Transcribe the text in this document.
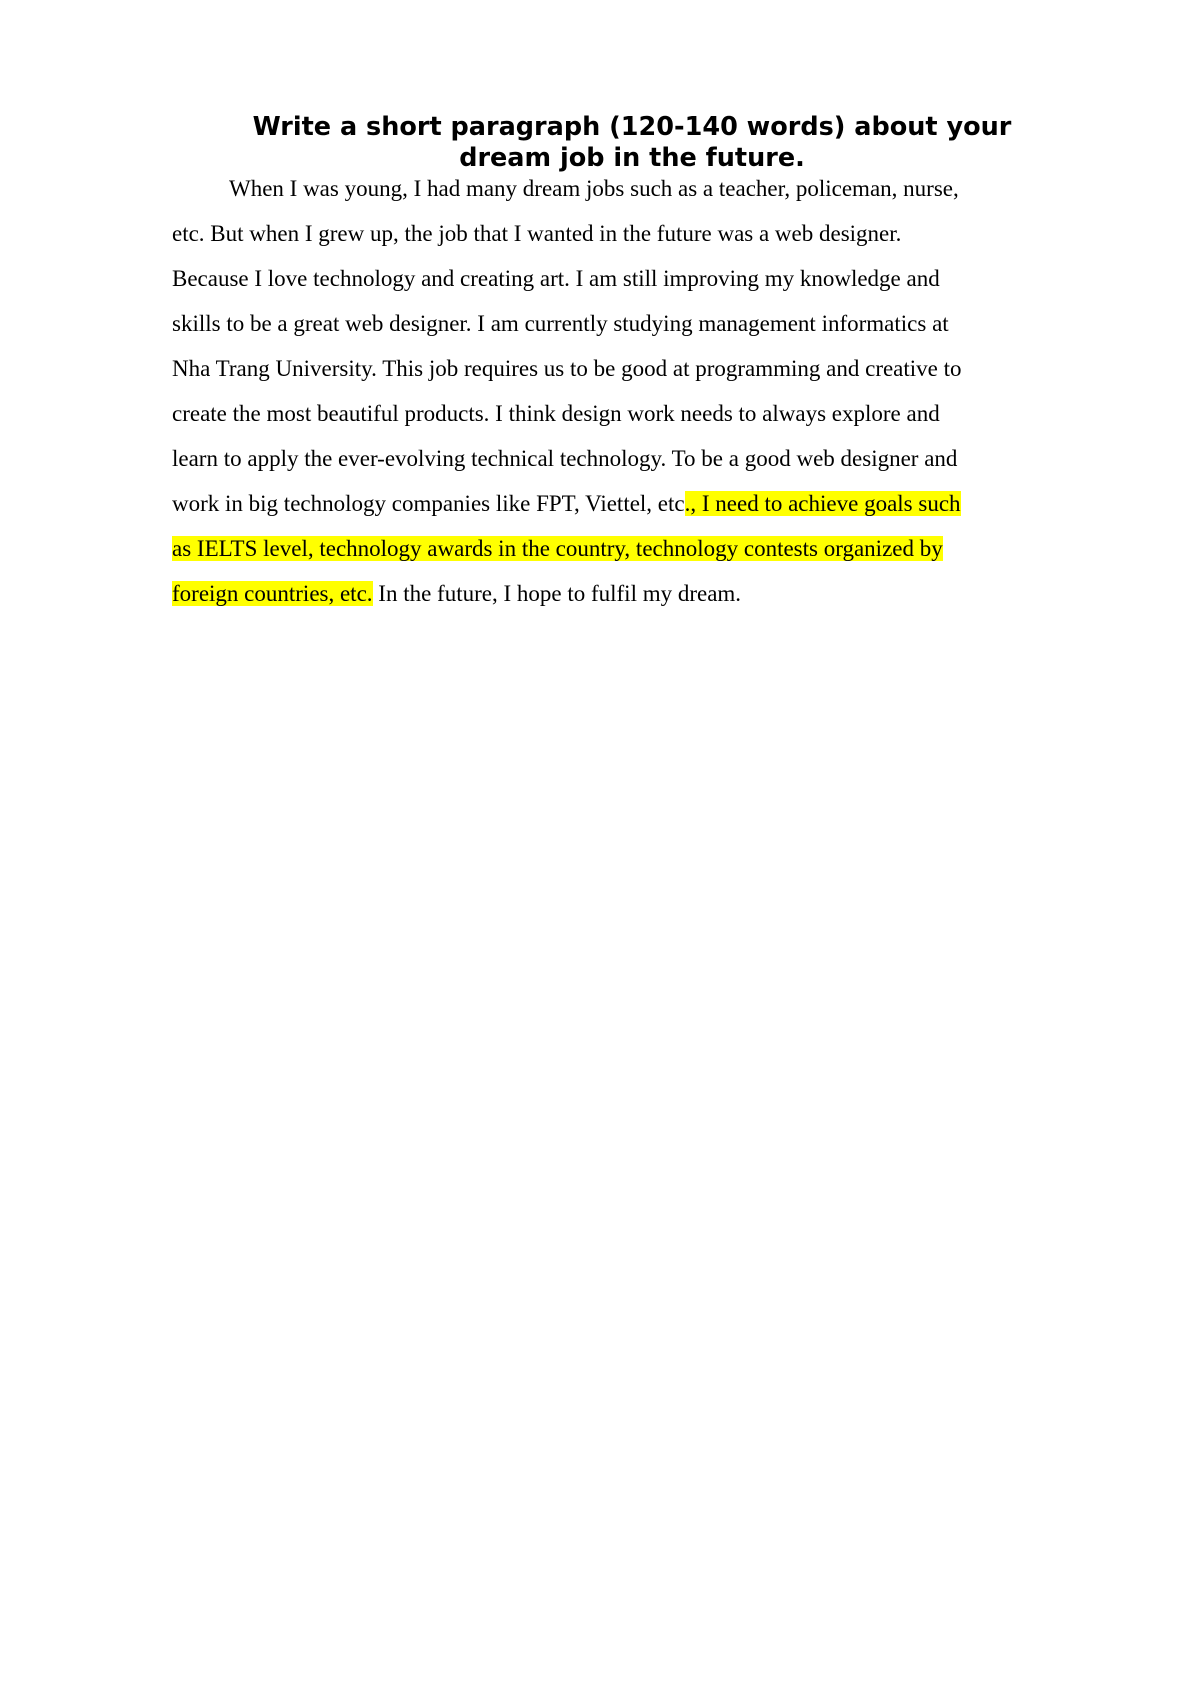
Write a short paragraph (120-140 words) about your
dream job in the future.
When I was young, I had many dream jobs such as a teacher, policeman, nurse,
etc. But when I grew up, the job that I wanted in the future was a web designer.
Because I love technology and creating art. I am still improving my knowledge and
skills to be a great web designer. I am currently studying management informatics at
Nha Trang University. This job requires us to be good at programming and creative to
create the most beautiful products. I think design work needs to always explore and
learn to apply the ever-evolving technical technology. To be a good web designer and
work in big technology companies like FPT, Viettel, etc., I need to achieve goals such
as IELTS level, technology awards in the country, technology contests organized by
foreign countries, etc. In the future, I hope to fulfil my dream.
